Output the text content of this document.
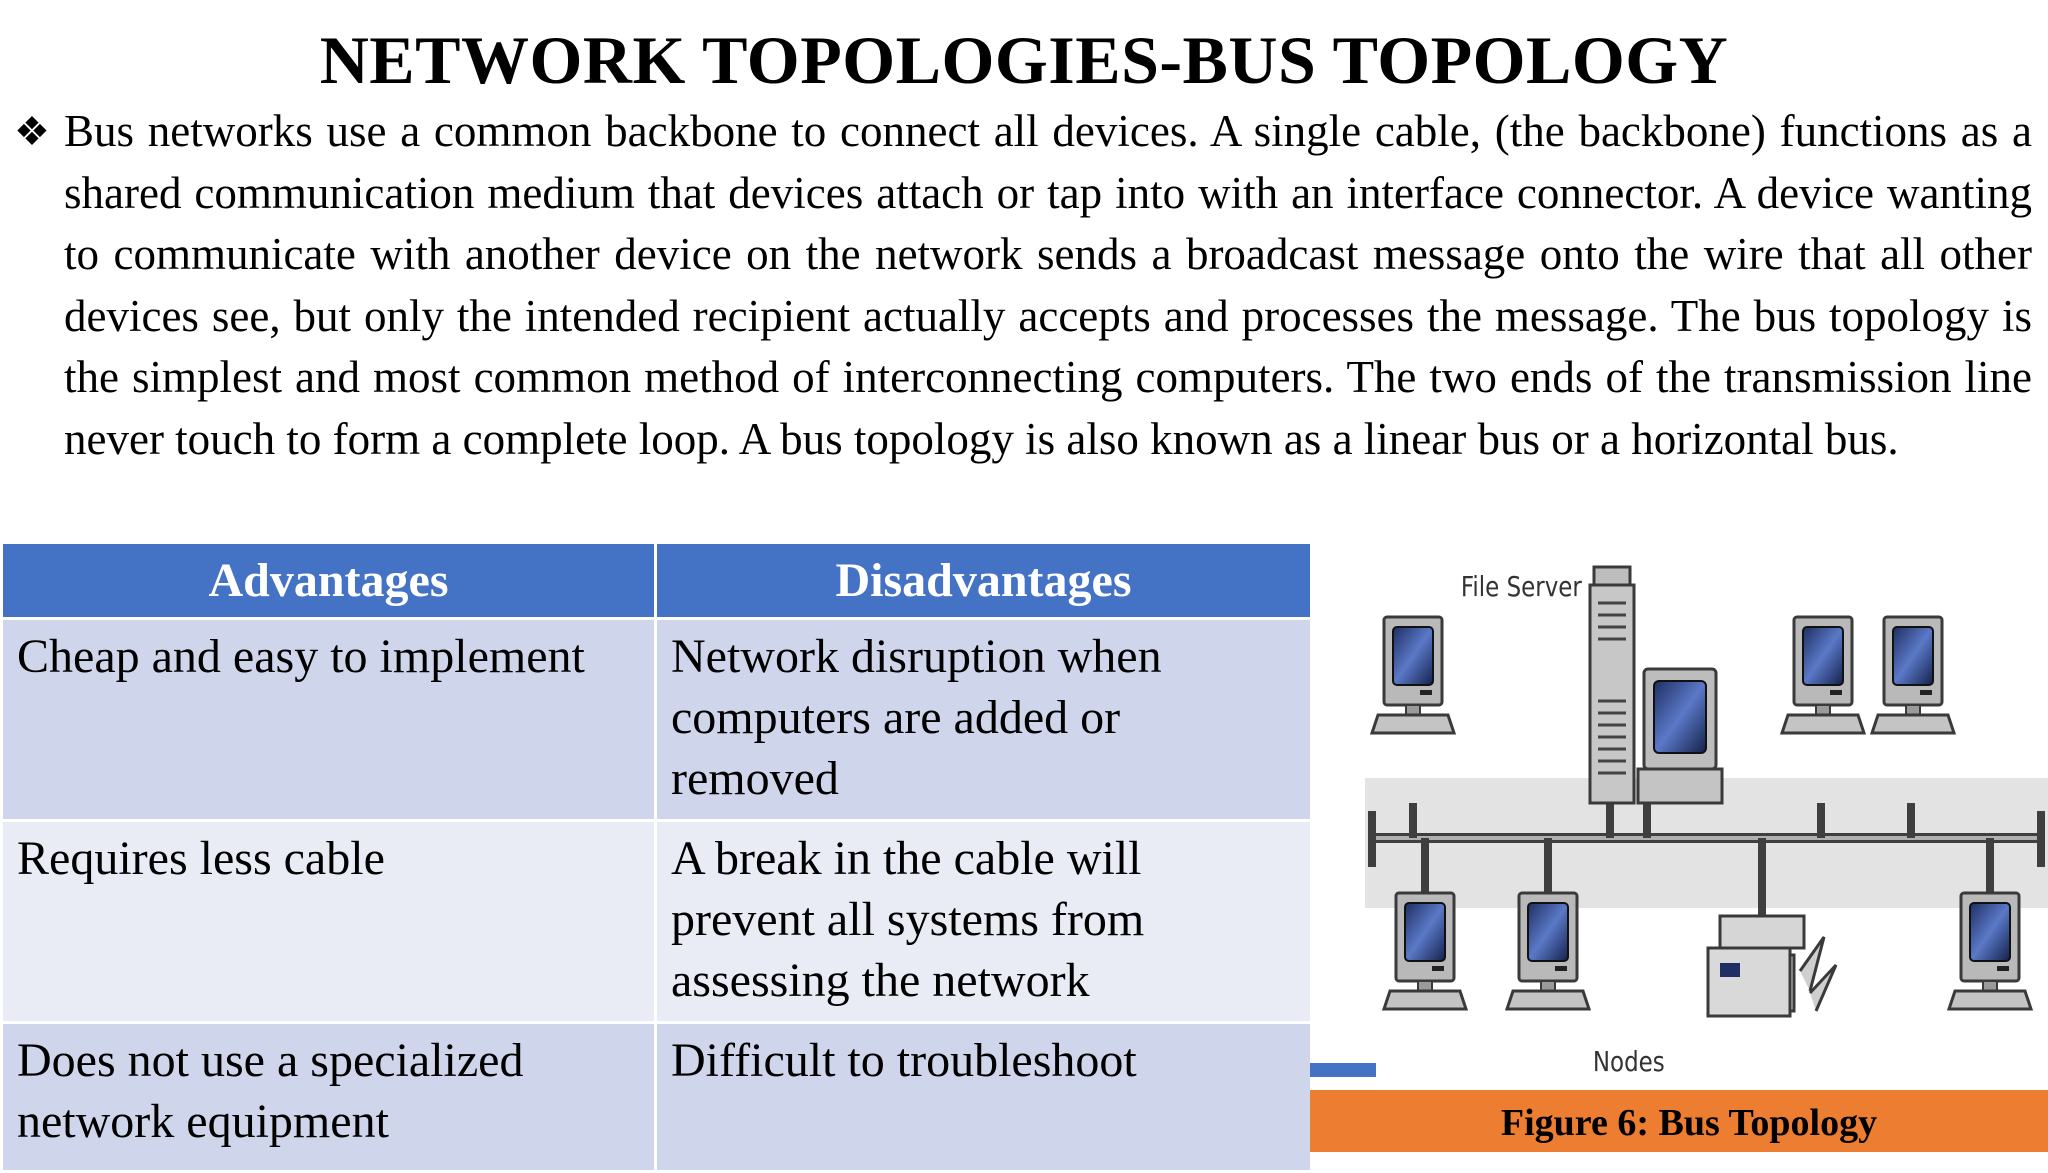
NETWORK TOPOLOGIES-BUS TOPOLOGY
❖ Bus networks use a common backbone to connect all devices. A single cable, (the backbone) functions as a shared communication medium that devices attach or tap into with an interface connector. A device wanting to communicate with another device on the network sends a broadcast message onto the wire that all other devices see, but only the intended recipient actually accepts and processes the message. The bus topology is the simplest and most common method of interconnecting computers. The two ends of the transmission line never touch to form a complete loop. A bus topology is also known as a linear bus or a horizontal bus.
Advantages	Disadvantages
Cheap and easy to implement	Network disruption when computers are added or removed
Requires less cable	A break in the cable will prevent all systems from assessing the network
Does not use a specialized network equipment	Difficult to troubleshoot
File Server
Nodes
Figure 6: Bus Topology
